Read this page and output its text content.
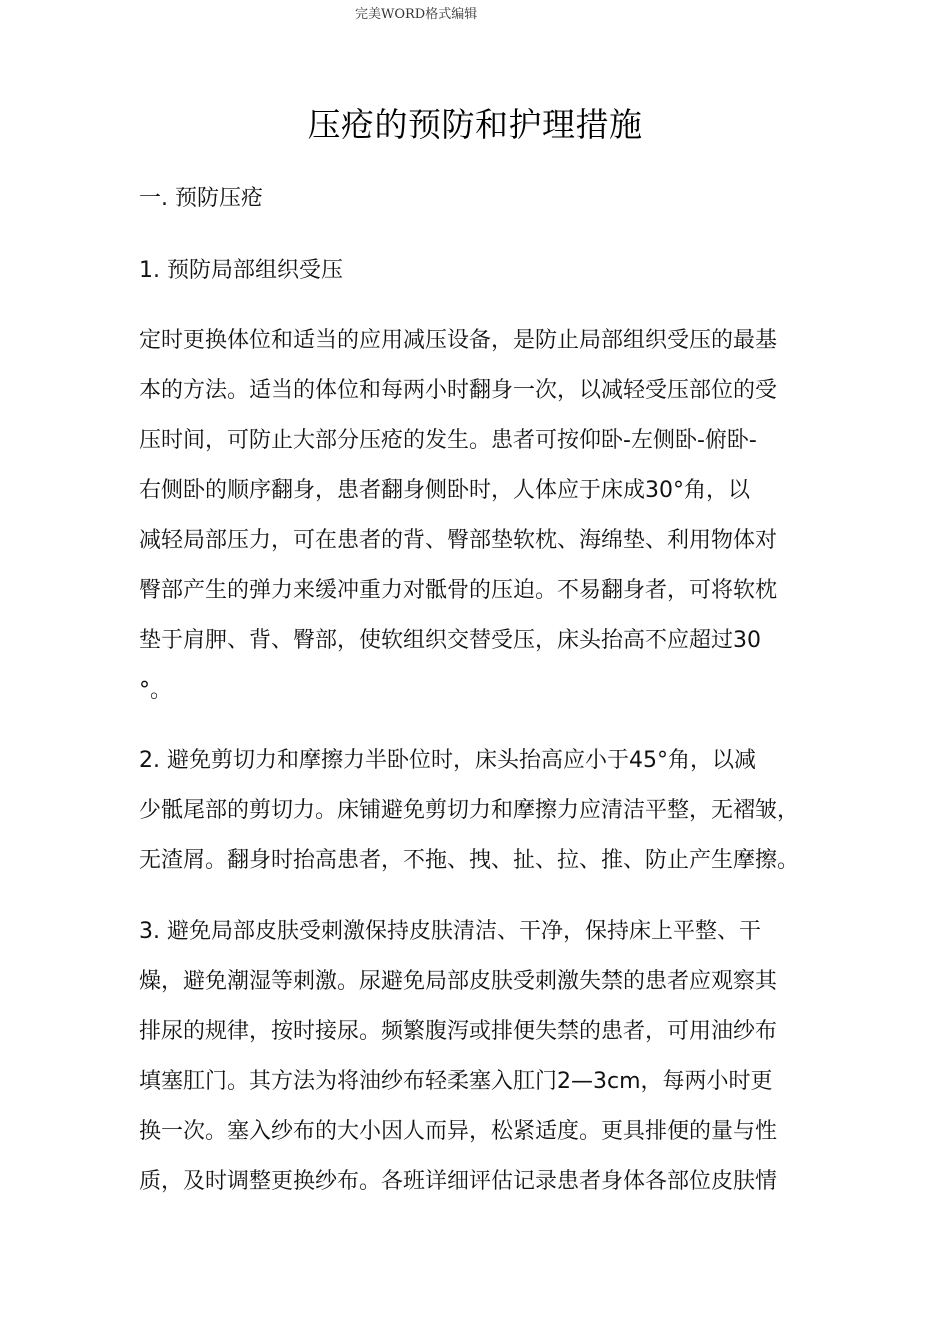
完美WORD格式编辑
压疮的预防和护理措施
一. 预防压疮
1. 预防局部组织受压
定时更换体位和适当的应用减压设备，是防止局部组织受压的最基
本的方法。适当的体位和每两小时翻身一次，以减轻受压部位的受
压时间，可防止大部分压疮的发生。患者可按仰卧-左侧卧-俯卧-
右侧卧的顺序翻身，患者翻身侧卧时，人体应于床成30°角，以
减轻局部压力，可在患者的背、臀部垫软枕、海绵垫、利用物体对
臀部产生的弹力来缓冲重力对骶骨的压迫。不易翻身者，可将软枕
垫于肩胛、背、臀部，使软组织交替受压，床头抬高不应超过30
°。
2. 避免剪切力和摩擦力半卧位时，床头抬高应小于45°角，以减
少骶尾部的剪切力。床铺避免剪切力和摩擦力应清洁平整，无褶皱，
无渣屑。翻身时抬高患者，不拖、拽、扯、拉、推、防止产生摩擦。
3. 避免局部皮肤受刺激保持皮肤清洁、干净，保持床上平整、干
燥，避免潮湿等刺激。尿避免局部皮肤受刺激失禁的患者应观察其
排尿的规律，按时接尿。频繁腹泻或排便失禁的患者，可用油纱布
填塞肛门。其方法为将油纱布轻柔塞入肛门2—3cm，每两小时更
换一次。塞入纱布的大小因人而异，松紧适度。更具排便的量与性
质，及时调整更换纱布。各班详细评估记录患者身体各部位皮肤情
